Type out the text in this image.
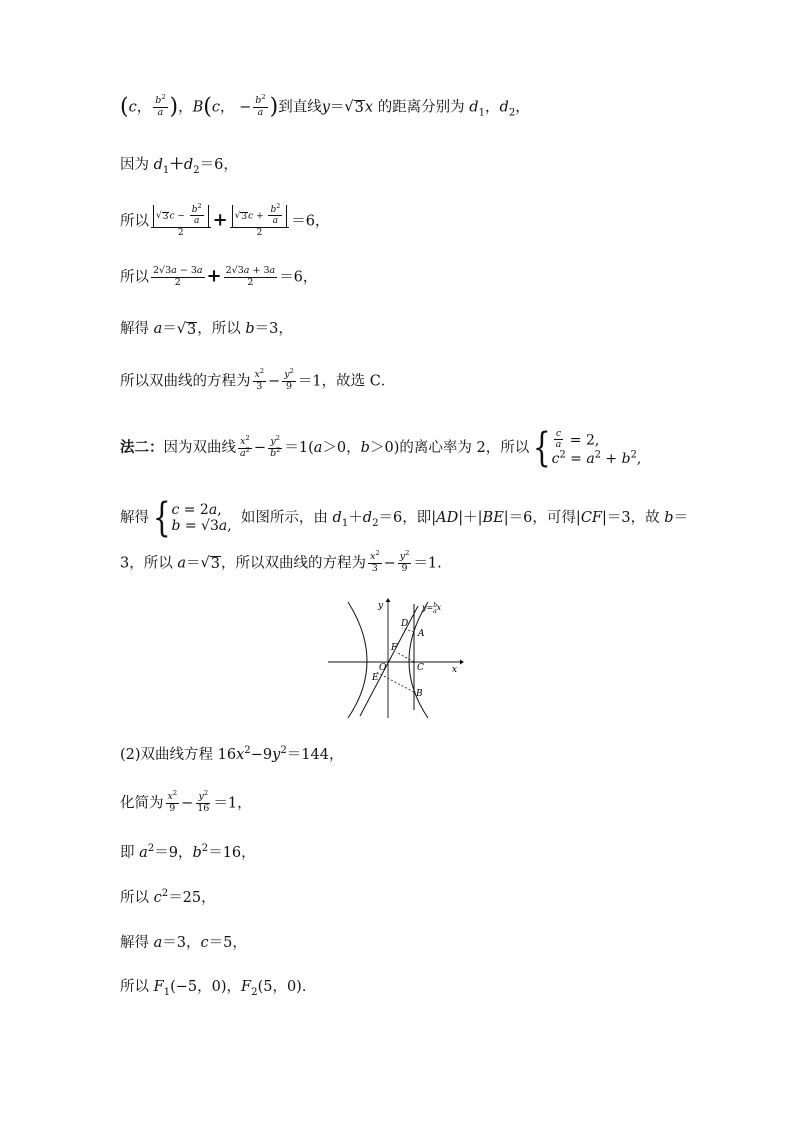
(c， $\frac{b^2}{a}$ )，B(c， − $\frac{b^2}{a}$ )到直线y＝ √ 3 x 的距离分别为 $d_1$，$d_2$，
因为 $d_1+d_2=6$，
所以 $\frac{√ 3 c - \frac{b^2}{a}}{2} + \frac{√ 3 c + \frac{b^2}{a}}{2} =6$，
所以 $\frac{2√3a - 3a}{2} + \frac{2√3a + 3a}{2} =6$，
解得 a＝ √ 3 ，所以 b＝3，
所以双曲线的方程为 $\frac{x^2}{3} - \frac{y^2}{9} =1$，故选 C．
法二：因为双曲线 $\frac{x^2}{a^2} - \frac{y^2}{b^2} =1(a>0$，b＞0)的离心率为 2，所以{ $\frac{c}{a} = 2$,
$c^2 = a^2 + b^2$,
解得{ c = 2a,
b = √3a, 如图所示，由 $d_1+d_2=6$，即|AD|＋|BE|＝6，可得|CF|＝3，故 b＝
3，所以 a＝ √ 3 ，所以双曲线的方程为 $\frac{x^2}{3} - \frac{y^2}{9} =1$.
y
x
y=$^b$ ax
A
B
C
D
E
F
O
(2)双曲线方程 $16x^2-9y^2=144$，
化简为 $\frac{x^2}{9} - \frac{y^2}{16} =1$，
即 $a^2=9$，$b^2=16$，
所以 $c^2=25$，
解得 a＝3，c＝5，
所以 $F_1(-5$，0)，$F_2(5$，0)．
